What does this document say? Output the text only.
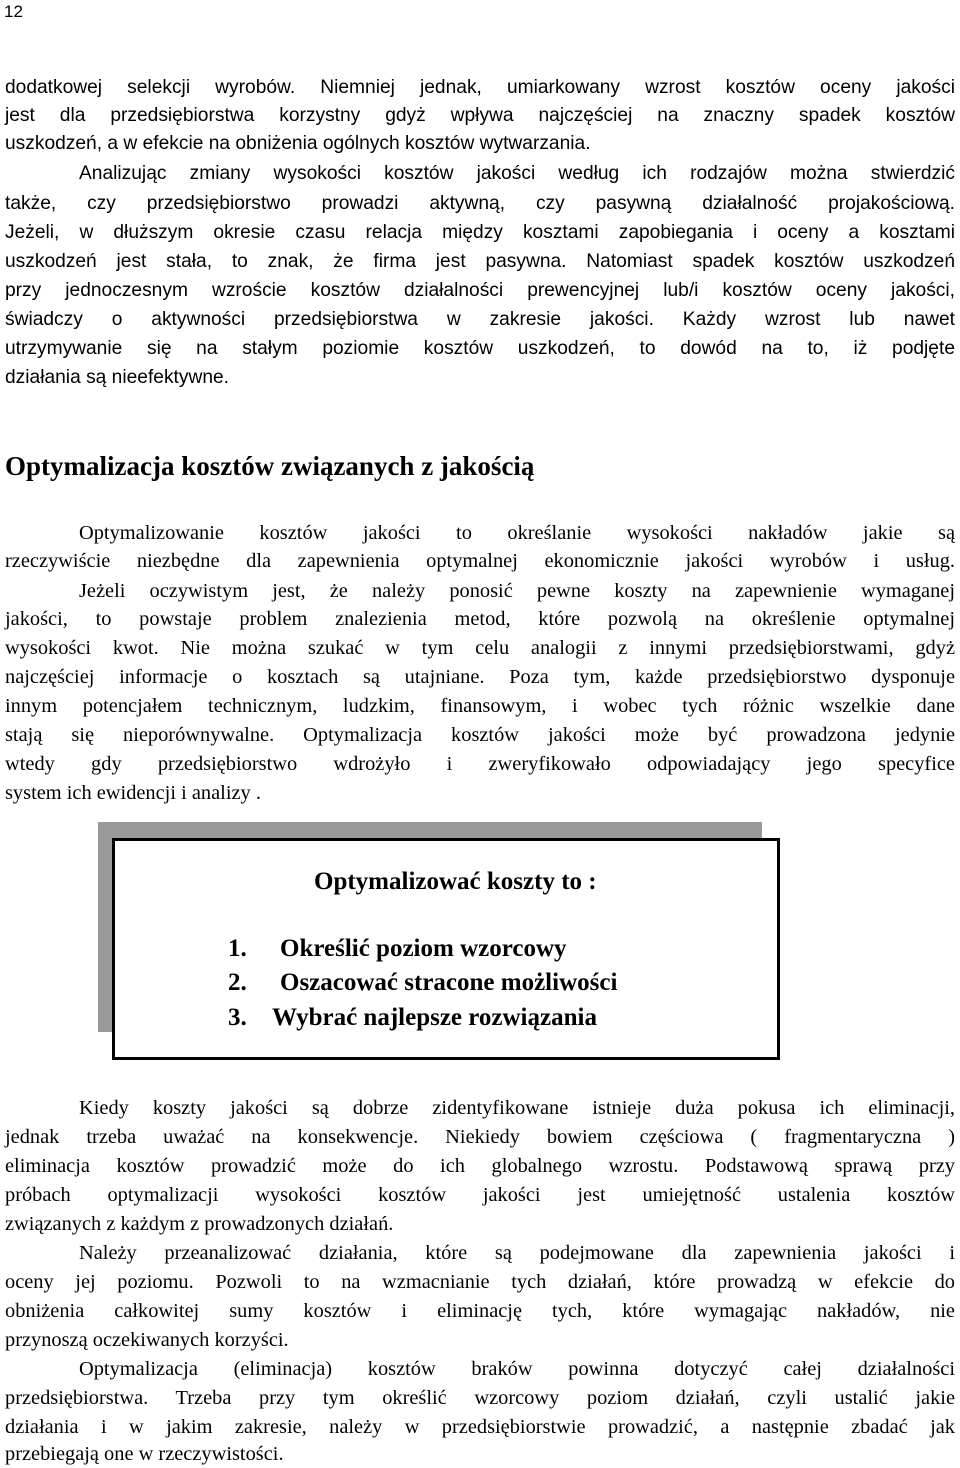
12
dodatkowej selekcji wyrobów. Niemniej jednak, umiarkowany wzrost kosztów oceny jakości
jest dla przedsiębiorstwa korzystny gdyż wpływa najczęściej na znaczny spadek kosztów
uszkodzeń, a w efekcie na obniżenia ogólnych kosztów wytwarzania.
Analizując zmiany wysokości kosztów jakości według ich rodzajów można stwierdzić
także, czy przedsiębiorstwo prowadzi aktywną, czy pasywną działalność projakościową.
Jeżeli, w dłuższym okresie czasu relacja między kosztami zapobiegania i oceny a kosztami
uszkodzeń jest stała, to znak, że firma jest pasywna. Natomiast spadek kosztów uszkodzeń
przy jednoczesnym wzroście kosztów działalności prewencyjnej lub/i kosztów oceny jakości,
świadczy o aktywności przedsiębiorstwa w zakresie jakości. Każdy wzrost lub nawet
utrzymywanie się na stałym poziomie kosztów uszkodzeń, to dowód na to, iż podjęte
działania są nieefektywne.
Optymalizacja kosztów związanych z jakością
Optymalizowanie kosztów jakości to określanie wysokości nakładów jakie są
rzeczywiście niezbędne dla zapewnienia optymalnej ekonomicznie jakości wyrobów i usług.
Jeżeli oczywistym jest, że należy ponosić pewne koszty na zapewnienie wymaganej
jakości, to powstaje problem znalezienia metod, które pozwolą na określenie optymalnej
wysokości kwot. Nie można szukać w tym celu analogii z innymi przedsiębiorstwami, gdyż
najczęściej informacje o kosztach są utajniane. Poza tym, każde przedsiębiorstwo dysponuje
innym potencjałem technicznym, ludzkim, finansowym, i wobec tych różnic wszelkie dane
stają się nieporównywalne. Optymalizacja kosztów jakości może być prowadzona jedynie
wtedy gdy przedsiębiorstwo wdrożyło i zweryfikowało odpowiadający jego specyfice
system ich ewidencji i analizy .
Optymalizować koszty to :
1. Określić poziom wzorcowy
2. Oszacować stracone możliwości
3. Wybrać najlepsze rozwiązania
Kiedy koszty jakości są dobrze zidentyfikowane istnieje duża pokusa ich eliminacji,
jednak trzeba uważać na konsekwencje. Niekiedy bowiem częściowa ( fragmentaryczna )
eliminacja kosztów prowadzić może do ich globalnego wzrostu. Podstawową sprawą przy
próbach optymalizacji wysokości kosztów jakości jest umiejętność ustalenia kosztów
związanych z każdym z prowadzonych działań.
Należy przeanalizować działania, które są podejmowane dla zapewnienia jakości i
oceny jej poziomu. Pozwoli to na wzmacnianie tych działań, które prowadzą w efekcie do
obniżenia całkowitej sumy kosztów i eliminację tych, które wymagając nakładów, nie
przynoszą oczekiwanych korzyści.
Optymalizacja (eliminacja) kosztów braków powinna dotyczyć całej działalności
przedsiębiorstwa. Trzeba przy tym określić wzorcowy poziom działań, czyli ustalić jakie
działania i w jakim zakresie, należy w przedsiębiorstwie prowadzić, a następnie zbadać jak
przebiegają one w rzeczywistości.
